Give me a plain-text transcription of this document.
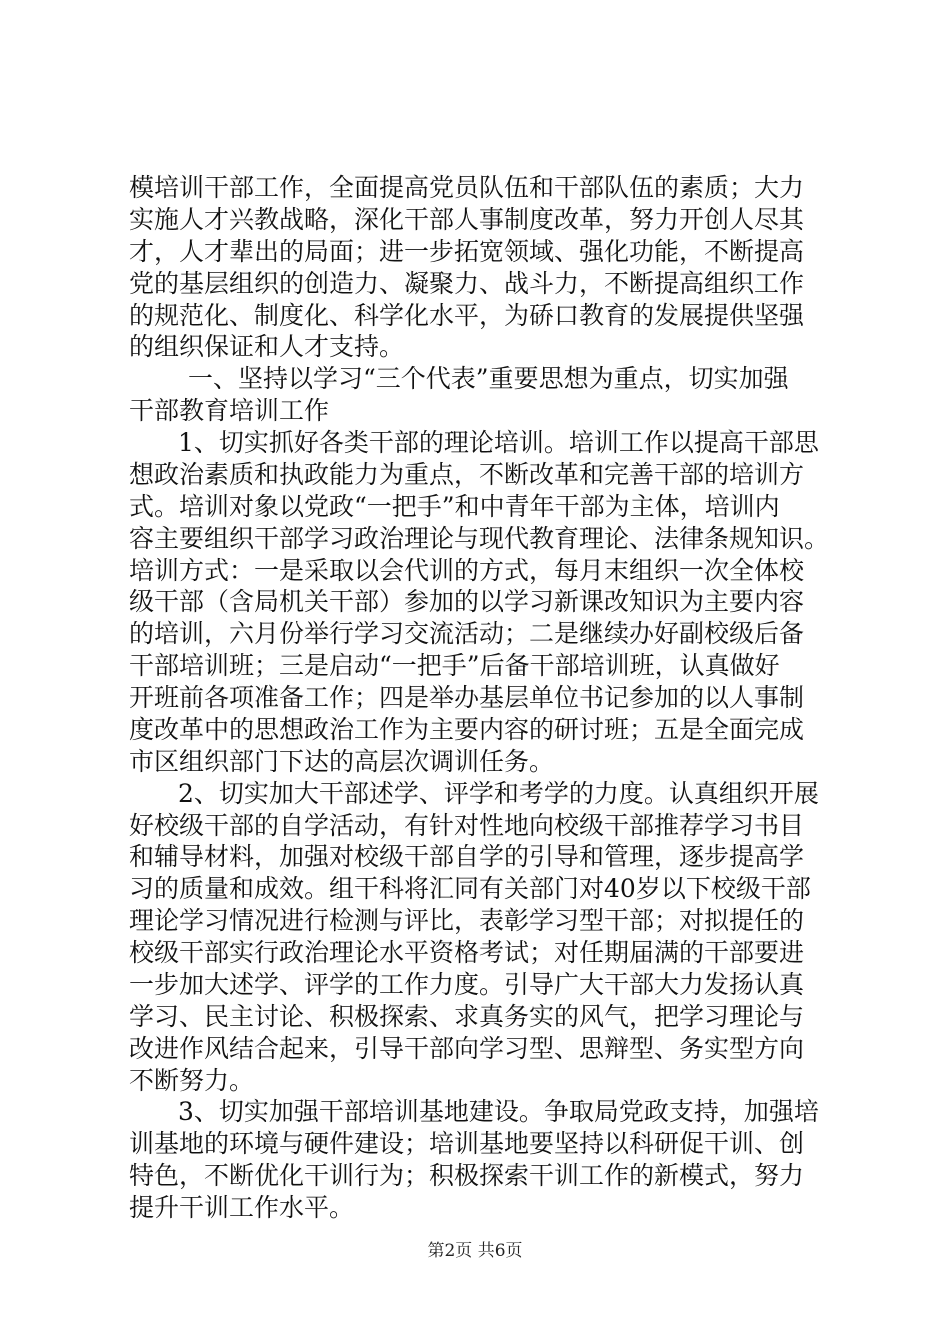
模培训干部工作，全面提高党员队伍和干部队伍的素质；大力
实施人才兴教战略，深化干部人事制度改革，努力开创人尽其
才，人才辈出的局面；进一步拓宽领域、强化功能，不断提高
党的基层组织的创造力、凝聚力、战斗力，不断提高组织工作
的规范化、制度化、科学化水平，为硚口教育的发展提供坚强
的组织保证和人才支持。
一、坚持以学习“三个代表”重要思想为重点，切实加强
干部教育培训工作
1、切实抓好各类干部的理论培训。培训工作以提高干部思
想政治素质和执政能力为重点，不断改革和完善干部的培训方
式。培训对象以党政“一把手”和中青年干部为主体，培训内
容主要组织干部学习政治理论与现代教育理论、法律条规知识。
培训方式：一是采取以会代训的方式，每月末组织一次全体校
级干部（含局机关干部）参加的以学习新课改知识为主要内容
的培训，六月份举行学习交流活动；二是继续办好副校级后备
干部培训班；三是启动“一把手”后备干部培训班，认真做好
开班前各项准备工作；四是举办基层单位书记参加的以人事制
度改革中的思想政治工作为主要内容的研讨班；五是全面完成
市区组织部门下达的高层次调训任务。
2、切实加大干部述学、评学和考学的力度。认真组织开展
好校级干部的自学活动，有针对性地向校级干部推荐学习书目
和辅导材料，加强对校级干部自学的引导和管理，逐步提高学
习的质量和成效。组干科将汇同有关部门对40岁以下校级干部
理论学习情况进行检测与评比，表彰学习型干部；对拟提任的
校级干部实行政治理论水平资格考试；对任期届满的干部要进
一步加大述学、评学的工作力度。引导广大干部大力发扬认真
学习、民主讨论、积极探索、求真务实的风气，把学习理论与
改进作风结合起来，引导干部向学习型、思辩型、务实型方向
不断努力。
3、切实加强干部培训基地建设。争取局党政支持，加强培
训基地的环境与硬件建设；培训基地要坚持以科研促干训、创
特色，不断优化干训行为；积极探索干训工作的新模式，努力
提升干训工作水平。
第2页 共6页
